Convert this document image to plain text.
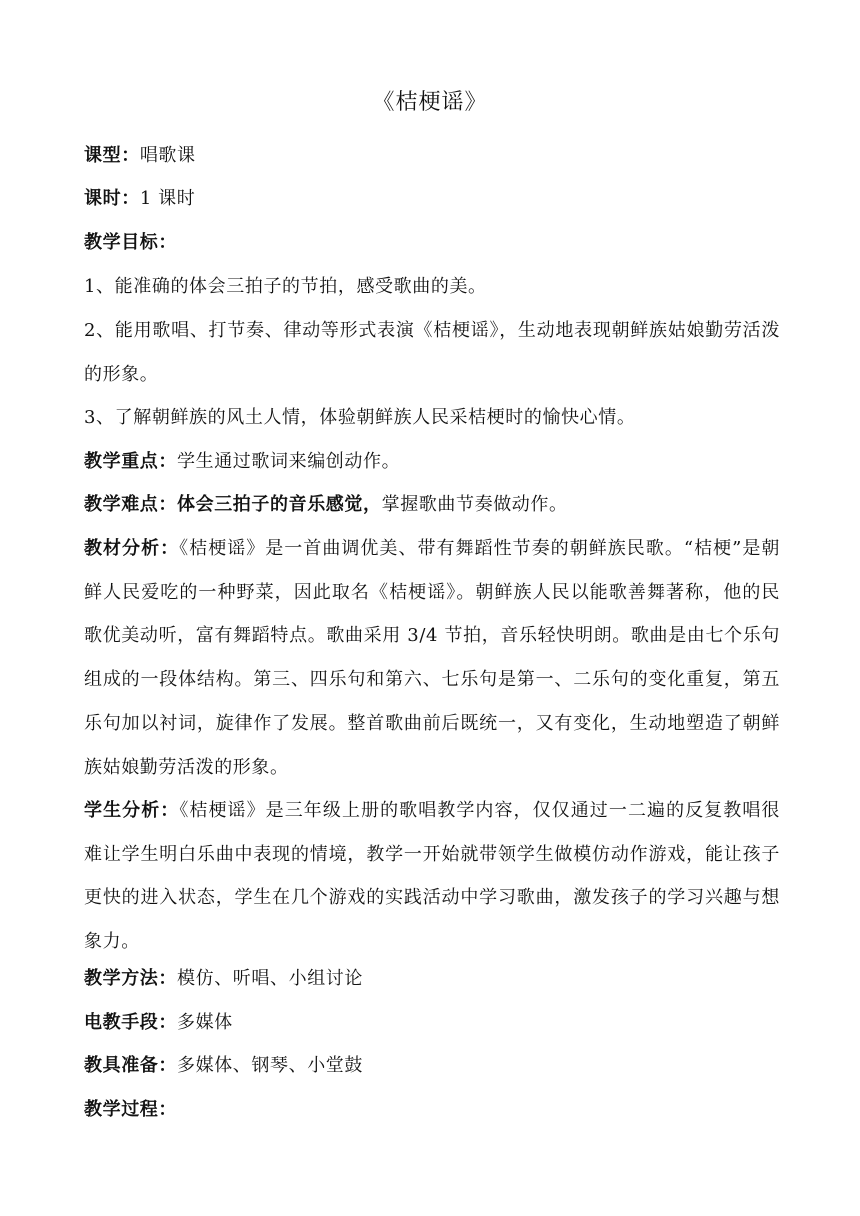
《桔梗谣》
课型：唱歌课
课时：1 课时
教学目标：
1、能准确的体会三拍子的节拍，感受歌曲的美。
2、能用歌唱、打节奏、律动等形式表演《桔梗谣》，生动地表现朝鲜族姑娘勤劳活泼的形象。
3、了解朝鲜族的风土人情，体验朝鲜族人民采桔梗时的愉快心情。
教学重点：学生通过歌词来编创动作。
教学难点：体会三拍子的音乐感觉，掌握歌曲节奏做动作。
教材分析：《桔梗谣》是一首曲调优美、带有舞蹈性节奏的朝鲜族民歌。“桔梗”是朝鲜人民爱吃的一种野菜，因此取名《桔梗谣》。朝鲜族人民以能歌善舞著称，他的民歌优美动听，富有舞蹈特点。歌曲采用 3/4 节拍，音乐轻快明朗。歌曲是由七个乐句组成的一段体结构。第三、四乐句和第六、七乐句是第一、二乐句的变化重复，第五乐句加以衬词，旋律作了发展。整首歌曲前后既统一，又有变化，生动地塑造了朝鲜族姑娘勤劳活泼的形象。
学生分析：《桔梗谣》是三年级上册的歌唱教学内容，仅仅通过一二遍的反复教唱很难让学生明白乐曲中表现的情境，教学一开始就带领学生做模仿动作游戏，能让孩子更快的进入状态，学生在几个游戏的实践活动中学习歌曲，激发孩子的学习兴趣与想象力。
教学方法：模仿、听唱、小组讨论
电教手段：多媒体
教具准备：多媒体、钢琴、小堂鼓
教学过程：
